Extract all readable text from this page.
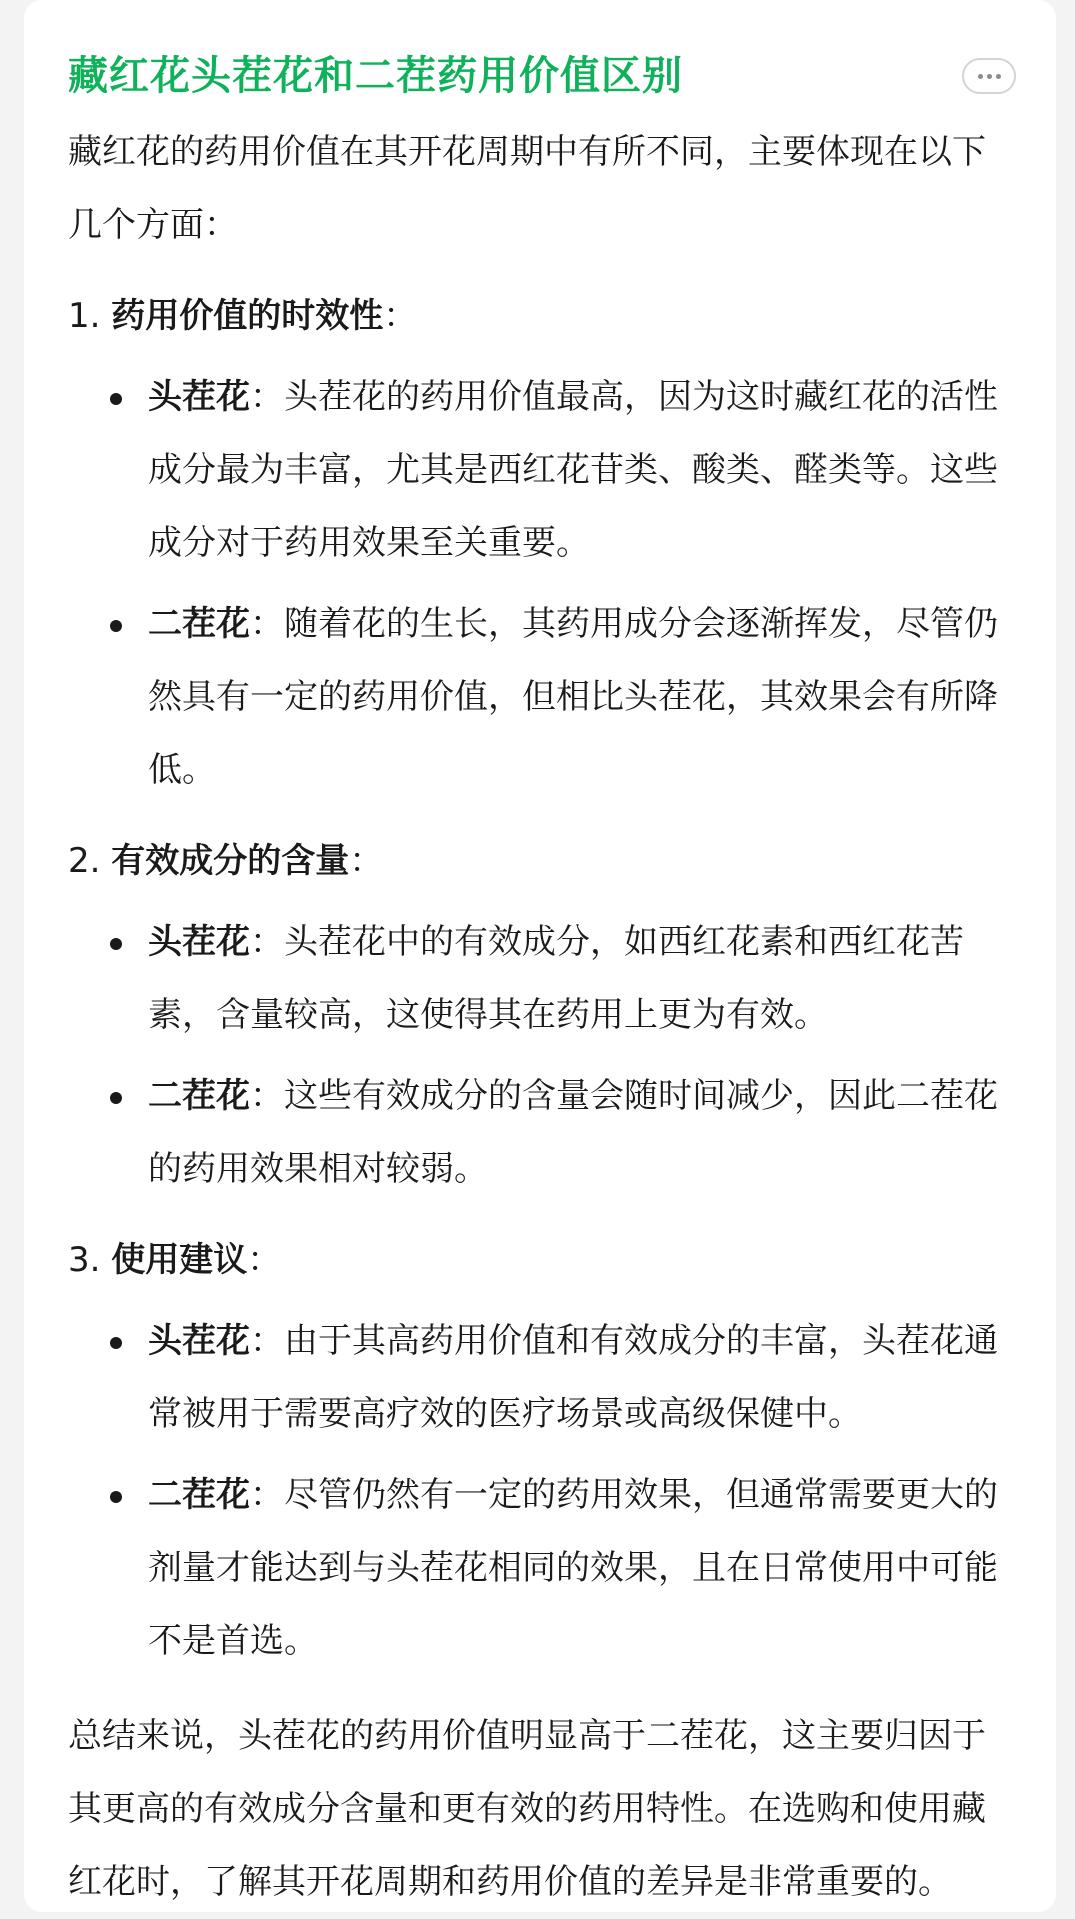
藏红花头茬花和二茬药用价值区别

藏红花的药用价值在其开花周期中有所不同，主要体现在以下几个方面：

1. 药用价值的时效性：
头茬花：头茬花的药用价值最高，因为这时藏红花的活性成分最为丰富，尤其是西红花苷类、酸类、醛类等。这些成分对于药用效果至关重要。
二茬花：随着花的生长，其药用成分会逐渐挥发，尽管仍然具有一定的药用价值，但相比头茬花，其效果会有所降低。
2. 有效成分的含量：
头茬花：头茬花中的有效成分，如西红花素和西红花苦素，含量较高，这使得其在药用上更为有效。
二茬花：这些有效成分的含量会随时间减少，因此二茬花的药用效果相对较弱。
3. 使用建议：
头茬花：由于其高药用价值和有效成分的丰富，头茬花通常被用于需要高疗效的医疗场景或高级保健中。
二茬花：尽管仍然有一定的药用效果，但通常需要更大的剂量才能达到与头茬花相同的效果，且在日常使用中可能不是首选。

总结来说，头茬花的药用价值明显高于二茬花，这主要归因于其更高的有效成分含量和更有效的药用特性。在选购和使用藏红花时，了解其开花周期和药用价值的差异是非常重要的。
